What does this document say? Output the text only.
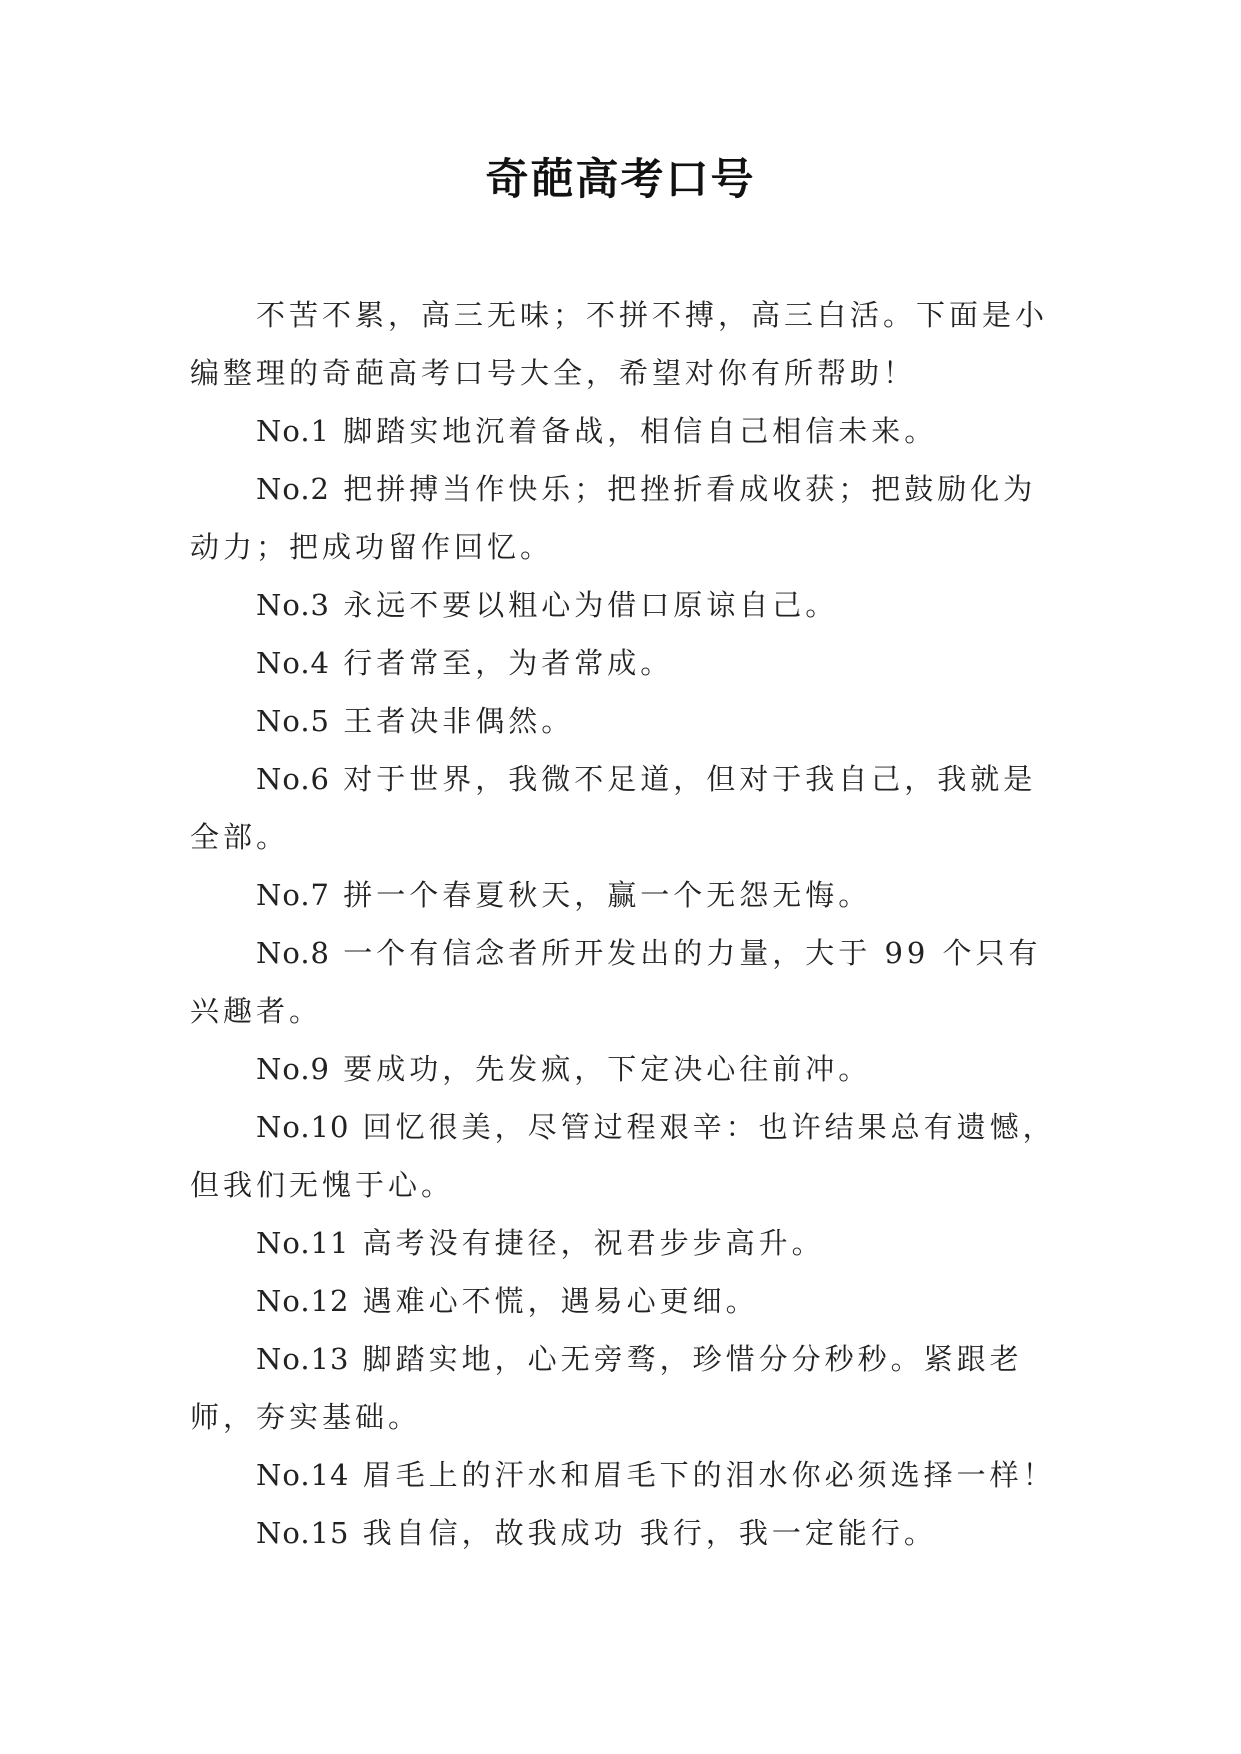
奇葩高考口号

不苦不累，高三无味；不拼不搏，高三白活。下面是小编整理的奇葩高考口号大全，希望对你有所帮助！

No.1 脚踏实地沉着备战，相信自己相信未来。

No.2 把拼搏当作快乐；把挫折看成收获；把鼓励化为动力；把成功留作回忆。

No.3 永远不要以粗心为借口原谅自己。

No.4 行者常至，为者常成。

No.5 王者决非偶然。

No.6 对于世界，我微不足道，但对于我自己，我就是全部。

No.7 拼一个春夏秋天，赢一个无怨无悔。

No.8 一个有信念者所开发出的力量，大于 99 个只有兴趣者。

No.9 要成功，先发疯，下定决心往前冲。

No.10 回忆很美，尽管过程艰辛：也许结果总有遗憾，但我们无愧于心。

No.11 高考没有捷径，祝君步步高升。

No.12 遇难心不慌，遇易心更细。

No.13 脚踏实地，心无旁骛，珍惜分分秒秒。紧跟老师，夯实基础。

No.14 眉毛上的汗水和眉毛下的泪水你必须选择一样！

No.15 我自信，故我成功 我行，我一定能行。
